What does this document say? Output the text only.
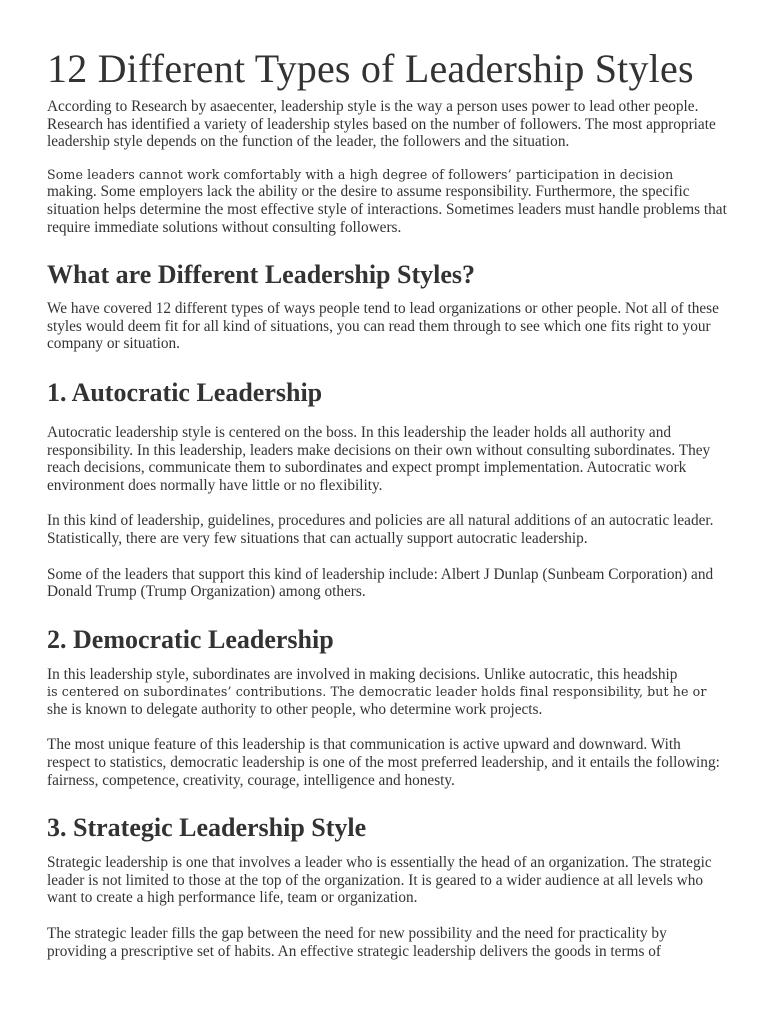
12 Different Types of Leadership Styles

According to Research by asaecenter, leadership style is the way a person uses power to lead other people. Research has identified a variety of leadership styles based on the number of followers. The most appropriate leadership style depends on the function of the leader, the followers and the situation.

Some leaders cannot work comfortably with a high degree of followers’ participation in decision

making. Some employers lack the ability or the desire to assume responsibility. Furthermore, the specific situation helps determine the most effective style of interactions. Sometimes leaders must handle problems that require immediate solutions without consulting followers.

What are Different Leadership Styles?

We have covered 12 different types of ways people tend to lead organizations or other people. Not all of these styles would deem fit for all kind of situations, you can read them through to see which one fits right to your company or situation.

1. Autocratic Leadership

Autocratic leadership style is centered on the boss. In this leadership the leader holds all authority and responsibility. In this leadership, leaders make decisions on their own without consulting subordinates. They reach decisions, communicate them to subordinates and expect prompt implementation. Autocratic work environment does normally have little or no flexibility.

In this kind of leadership, guidelines, procedures and policies are all natural additions of an autocratic leader. Statistically, there are very few situations that can actually support autocratic leadership.

Some of the leaders that support this kind of leadership include: Albert J Dunlap (Sunbeam Corporation) and Donald Trump (Trump Organization) among others.

2. Democratic Leadership

In this leadership style, subordinates are involved in making decisions. Unlike autocratic, this headship

is centered on subordinates’ contributions. The democratic leader holds final responsibility, but he or

she is known to delegate authority to other people, who determine work projects.

The most unique feature of this leadership is that communication is active upward and downward. With respect to statistics, democratic leadership is one of the most preferred leadership, and it entails the following: fairness, competence, creativity, courage, intelligence and honesty.

3. Strategic Leadership Style

Strategic leadership is one that involves a leader who is essentially the head of an organization. The strategic leader is not limited to those at the top of the organization. It is geared to a wider audience at all levels who want to create a high performance life, team or organization.

The strategic leader fills the gap between the need for new possibility and the need for practicality by providing a prescriptive set of habits. An effective strategic leadership delivers the goods in terms of
